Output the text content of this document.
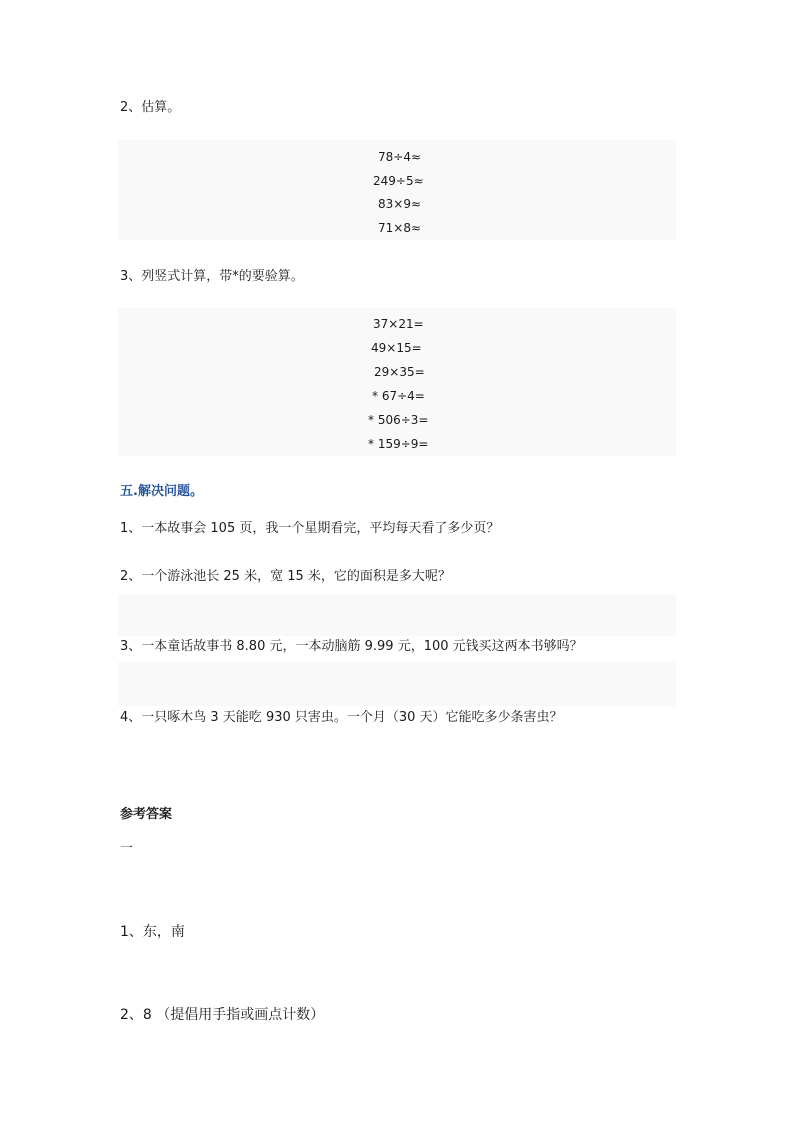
2、估算。
78÷4≈
249÷5≈
83×9≈
71×8≈
3、列竖式计算，带*的要验算。
37×21=
49×15=
29×35=
* 67÷4=
* 506÷3=
* 159÷9=
五.解决问题。
1、一本故事会 105 页，我一个星期看完，平均每天看了多少页？
2、一个游泳池长 25 米，宽 15 米，它的面积是多大呢？
3、一本童话故事书 8.80 元，一本动脑筋 9.99 元，100 元钱买这两本书够吗？
4、一只啄木鸟 3 天能吃 930 只害虫。一个月（30 天）它能吃多少条害虫？
参考答案
一
1、东，南
2、8 （提倡用手指或画点计数）
